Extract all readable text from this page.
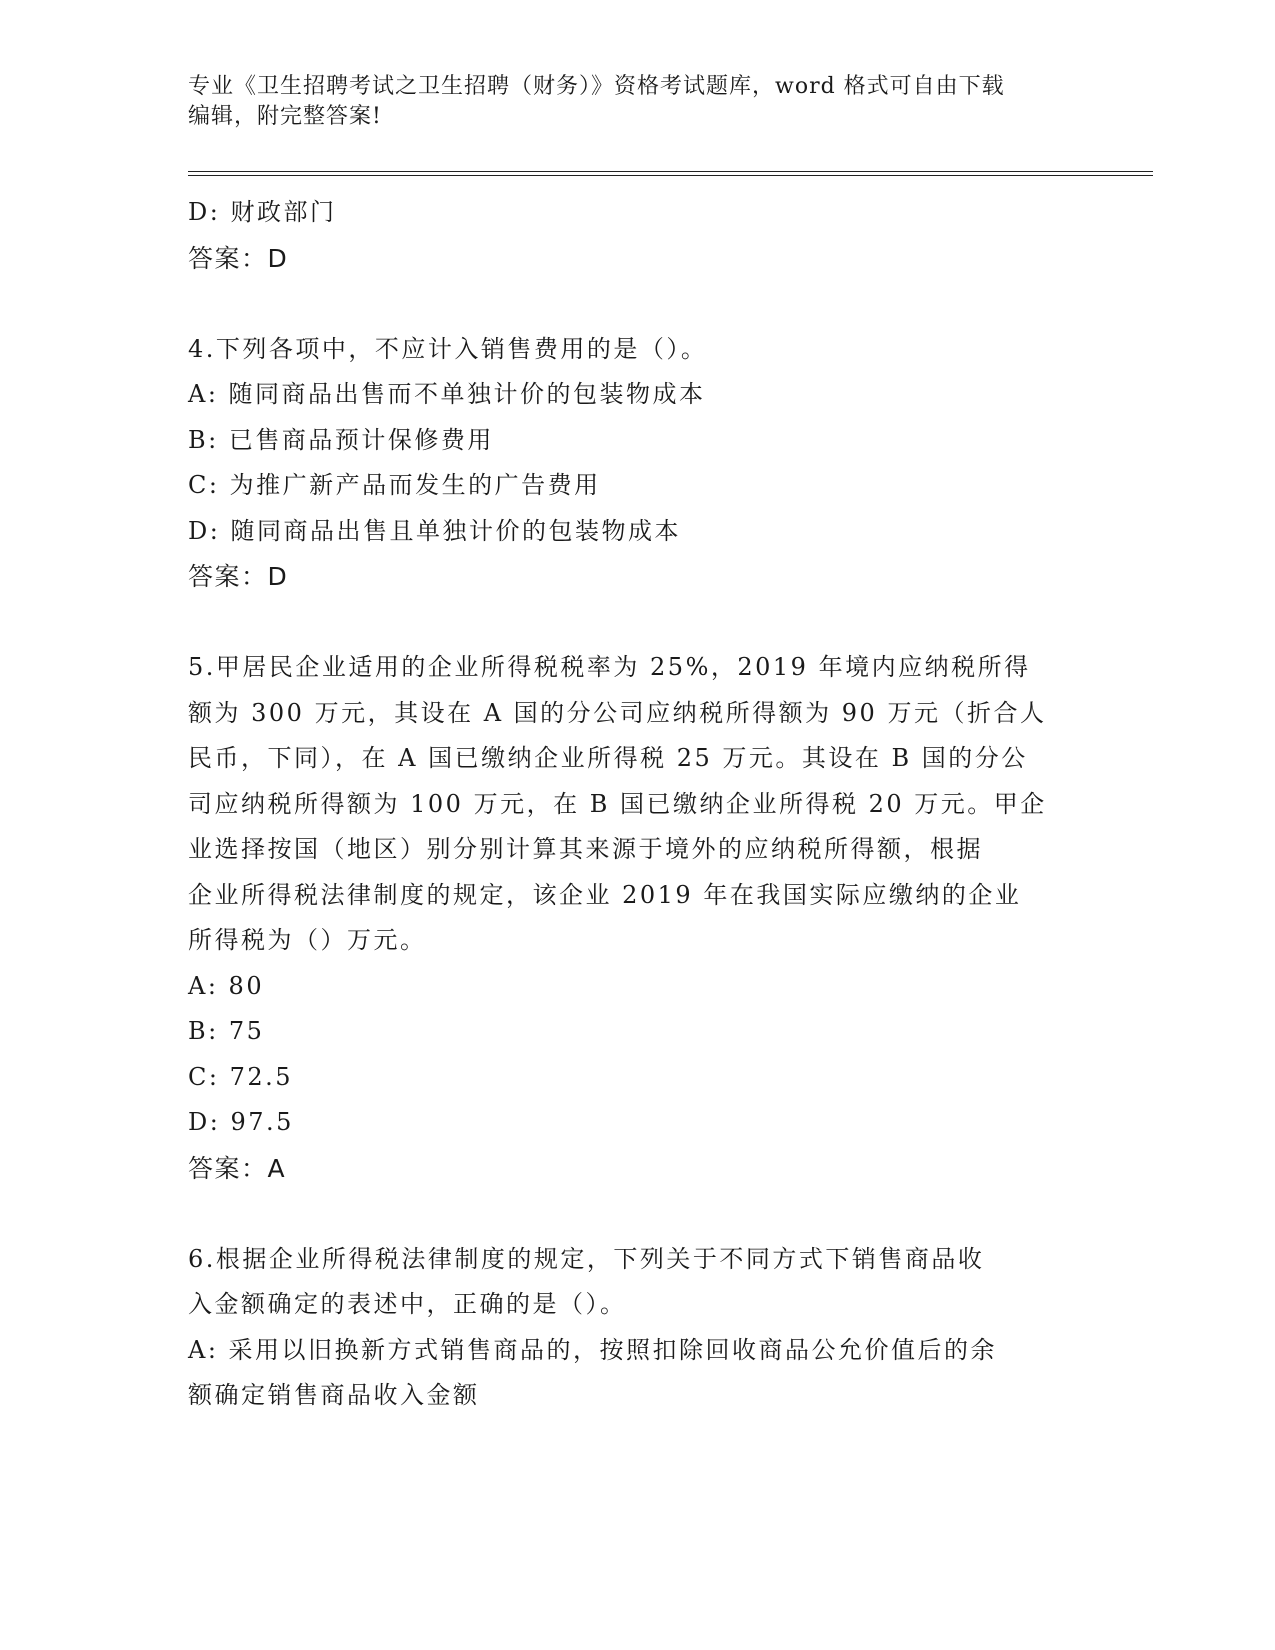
专业《卫生招聘考试之卫生招聘（财务）》资格考试题库，word 格式可自由下载
编辑，附完整答案!
D: 财政部门
答案：D
4.下列各项中，不应计入销售费用的是（）。
A: 随同商品出售而不单独计价的包装物成本
B: 已售商品预计保修费用
C: 为推广新产品而发生的广告费用
D: 随同商品出售且单独计价的包装物成本
答案：D
5.甲居民企业适用的企业所得税税率为 25%，2019 年境内应纳税所得
额为 300 万元，其设在 A 国的分公司应纳税所得额为 90 万元（折合人
民币，下同），在 A 国已缴纳企业所得税 25 万元。其设在 B 国的分公
司应纳税所得额为 100 万元，在 B 国已缴纳企业所得税 20 万元。甲企
业选择按国（地区）别分别计算其来源于境外的应纳税所得额，根据
企业所得税法律制度的规定，该企业 2019 年在我国实际应缴纳的企业
所得税为（）万元。
A: 80
B: 75
C: 72.5
D: 97.5
答案：A
6.根据企业所得税法律制度的规定，下列关于不同方式下销售商品收
入金额确定的表述中，正确的是（）。
A: 采用以旧换新方式销售商品的，按照扣除回收商品公允价值后的余
额确定销售商品收入金额
